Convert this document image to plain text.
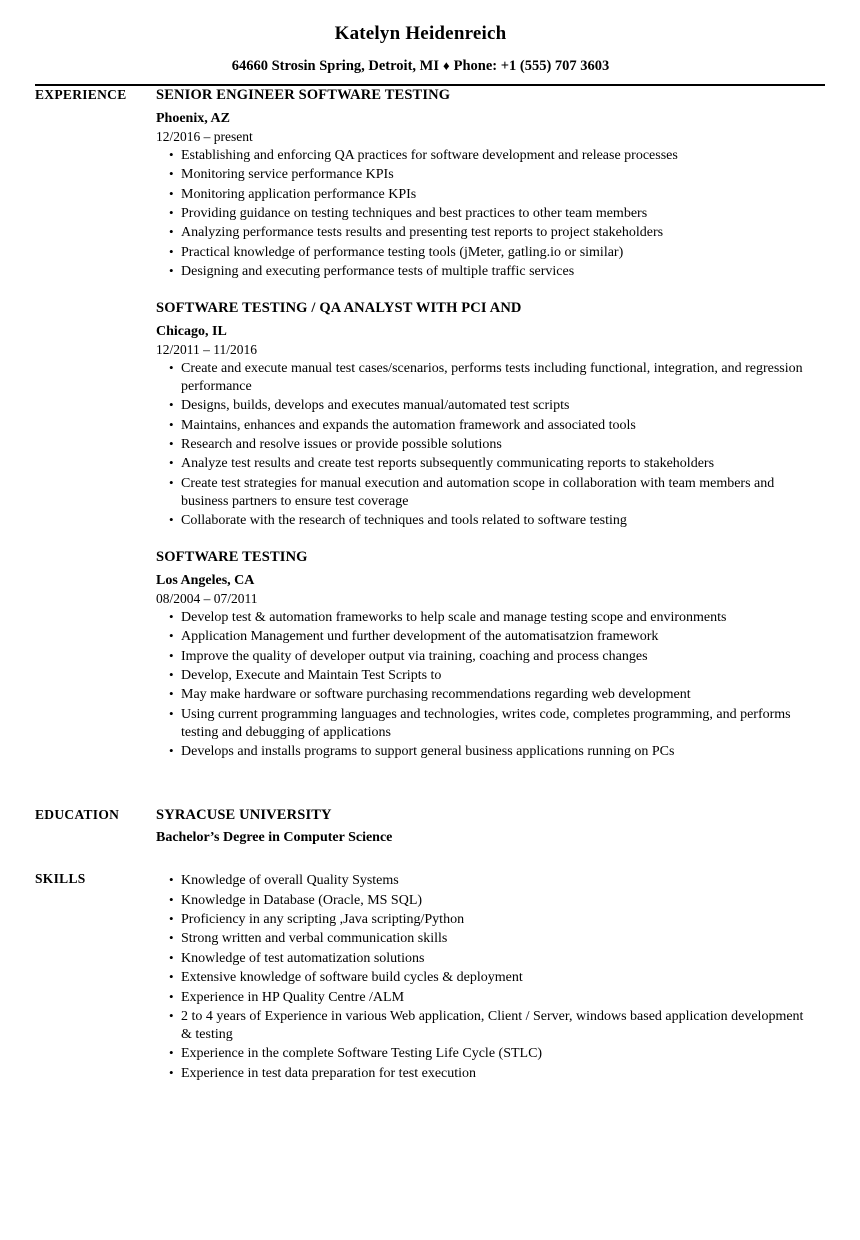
Katelyn Heidenreich

64660 Strosin Spring, Detroit, MI ♦ Phone: +1 (555) 707 3603

EXPERIENCE	SENIOR ENGINEER SOFTWARE TESTING
Phoenix, AZ
12/2016 – present
• Establishing and enforcing QA practices for software development and release processes
• Monitoring service performance KPIs
• Monitoring application performance KPIs
• Providing guidance on testing techniques and best practices to other team members
• Analyzing performance tests results and presenting test reports to project stakeholders
• Practical knowledge of performance testing tools (jMeter, gatling.io or similar)
• Designing and executing performance tests of multiple traffic services
SOFTWARE TESTING / QA ANALYST WITH PCI AND
Chicago, IL
12/2011 – 11/2016
• Create and execute manual test cases/scenarios, performs tests including functional, integration, and regression performance
• Designs, builds, develops and executes manual/automated test scripts
• Maintains, enhances and expands the automation framework and associated tools
• Research and resolve issues or provide possible solutions
• Analyze test results and create test reports subsequently communicating reports to stakeholders
• Create test strategies for manual execution and automation scope in collaboration with team members and business partners to ensure test coverage
• Collaborate with the research of techniques and tools related to software testing
SOFTWARE TESTING
Los Angeles, CA
08/2004 – 07/2011
• Develop test & automation frameworks to help scale and manage testing scope and environments
• Application Management und further development of the automatisatzion framework
• Improve the quality of developer output via training, coaching and process changes
• Develop, Execute and Maintain Test Scripts to
• May make hardware or software purchasing recommendations regarding web development
• Using current programming languages and technologies, writes code, completes programming, and performs testing and debugging of applications
• Develops and installs programs to support general business applications running on PCs
EDUCATION	SYRACUSE UNIVERSITY
Bachelor’s Degree in Computer Science
SKILLS	• Knowledge of overall Quality Systems
• Knowledge in Database (Oracle, MS SQL)
• Proficiency in any scripting ,Java scripting/Python
• Strong written and verbal communication skills
• Knowledge of test automatization solutions
• Extensive knowledge of software build cycles & deployment
• Experience in HP Quality Centre /ALM
• 2 to 4 years of Experience in various Web application, Client / Server, windows based application development & testing
• Experience in the complete Software Testing Life Cycle (STLC)
• Experience in test data preparation for test execution
